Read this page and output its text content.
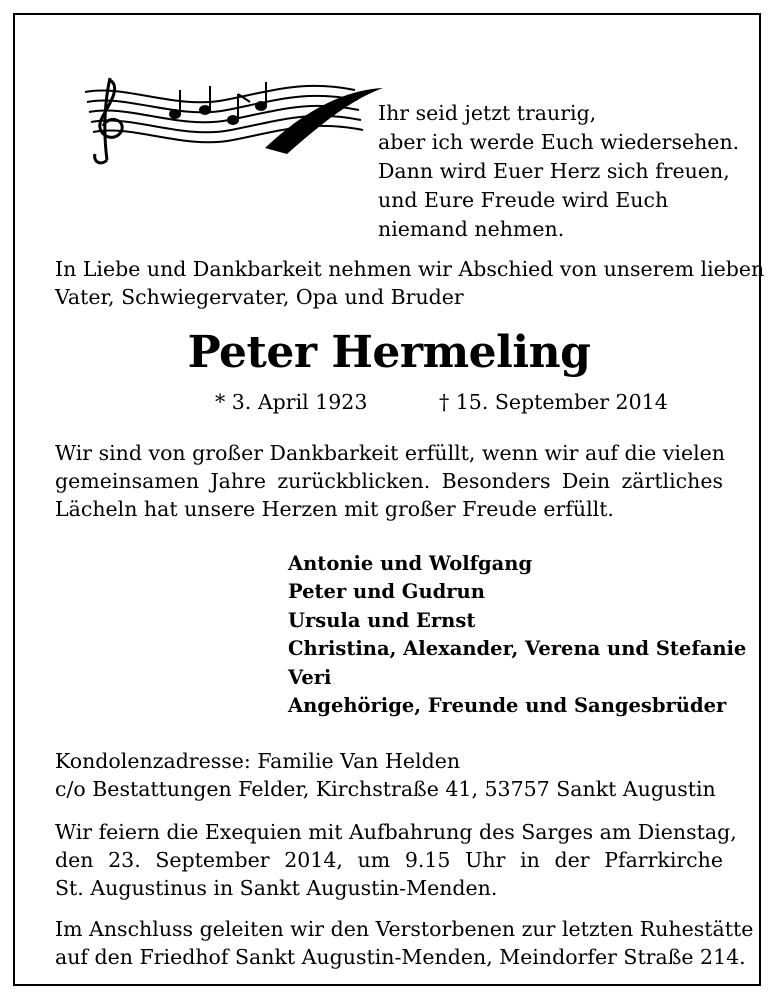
Ihr seid jetzt traurig,
aber ich werde Euch wiedersehen.
Dann wird Euer Herz sich freuen,
und Eure Freude wird Euch
niemand nehmen.
In Liebe und Dankbarkeit nehmen wir Abschied von unserem lieben
Vater, Schwiegervater, Opa und Bruder
Peter Hermeling
* 3. April 1923	† 15. September 2014
Wir sind von großer Dankbarkeit erfüllt, wenn wir auf die vielen
gemeinsamen Jahre zurückblicken. Besonders Dein zärtliches
Lächeln hat unsere Herzen mit großer Freude erfüllt.
Antonie und Wolfgang
Peter und Gudrun
Ursula und Ernst
Christina, Alexander, Verena und Stefanie
Veri
Angehörige, Freunde und Sangesbrüder
Kondolenzadresse: Familie Van Helden
c/o Bestattungen Felder, Kirchstraße 41, 53757 Sankt Augustin
Wir feiern die Exequien mit Aufbahrung des Sarges am Dienstag,
den 23. September 2014, um 9.15 Uhr in der Pfarrkirche
St. Augustinus in Sankt Augustin-Menden.
Im Anschluss geleiten wir den Verstorbenen zur letzten Ruhestätte
auf den Friedhof Sankt Augustin-Menden, Meindorfer Straße 214.
